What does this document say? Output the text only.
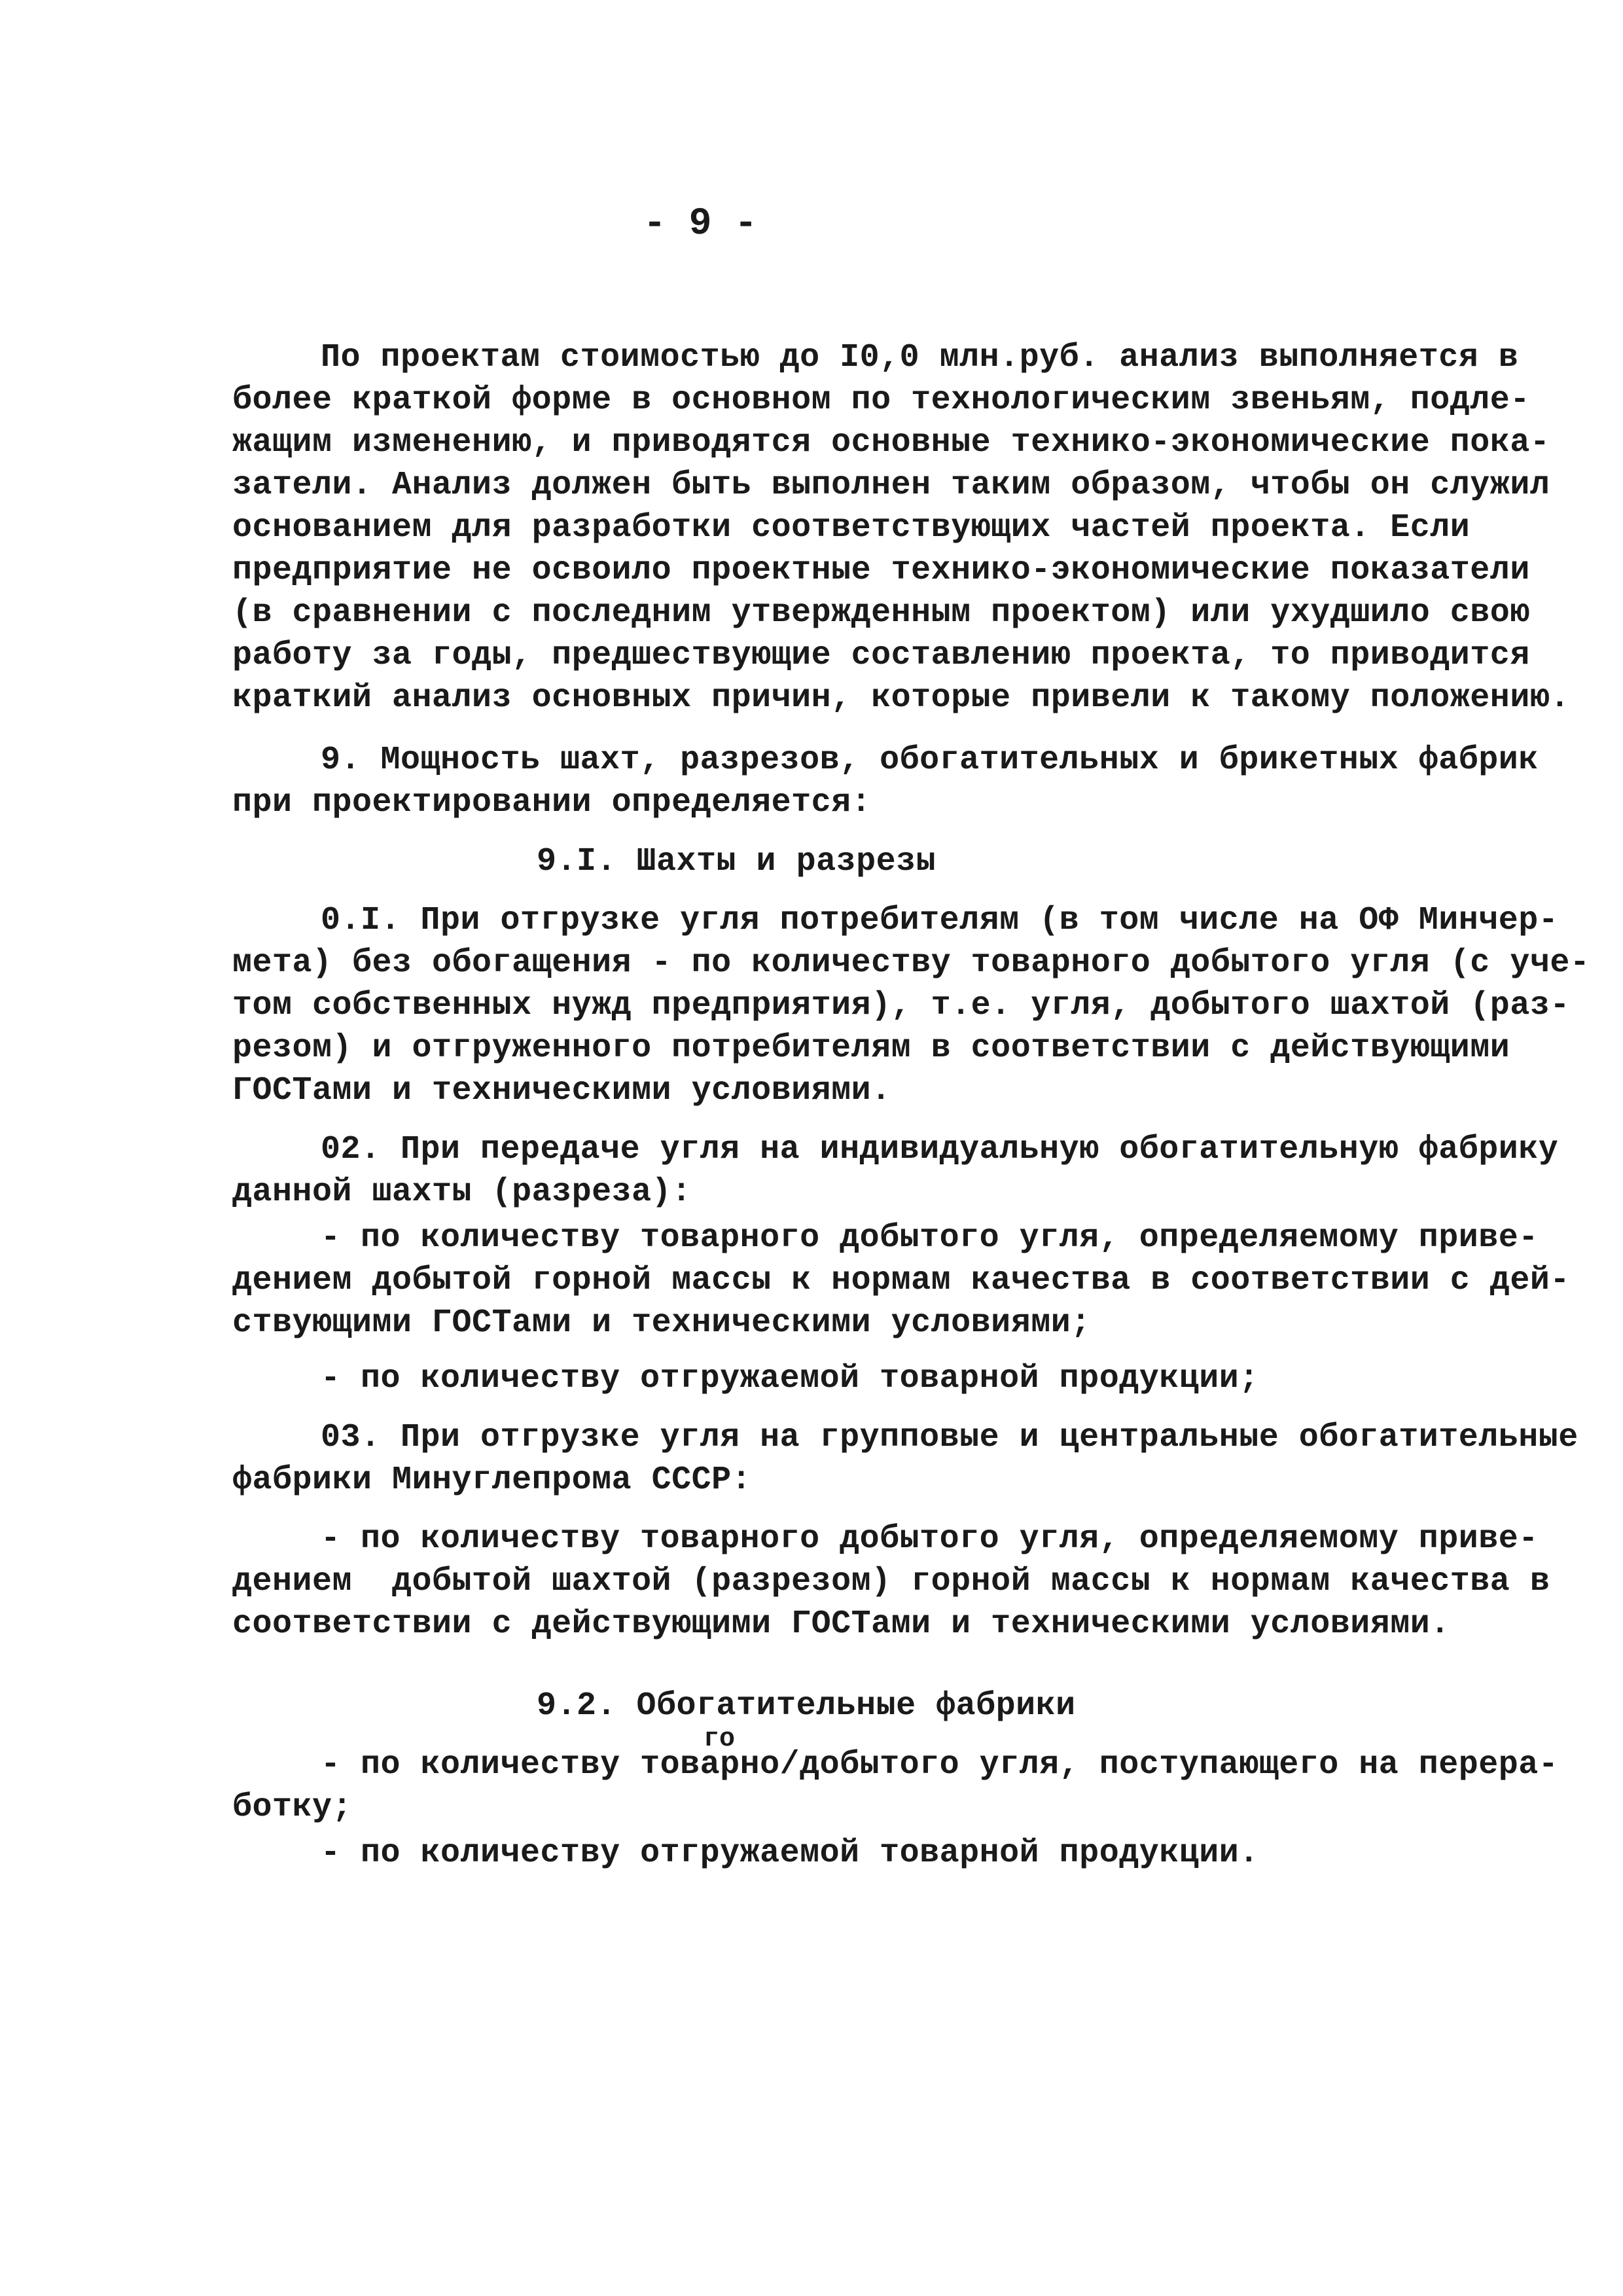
- 9 -
По проектам стоимостью до I0,0 млн.руб. анализ выполняется в
более краткой форме в основном по технологическим звеньям, подле-
жащим изменению, и приводятся основные технико-экономические пока-
затели. Анализ должен быть выполнен таким образом, чтобы он служил
основанием для разработки соответствующих частей проекта. Если
предприятие не освоило проектные технико-экономические показатели
(в сравнении с последним утвержденным проектом) или ухудшило свою
работу за годы, предшествующие составлению проекта, то приводится
краткий анализ основных причин, которые привели к такому положению.
9. Мощность шахт, разрезов, обогатительных и брикетных фабрик
при проектировании определяется:
9.I. Шахты и разрезы
0.I. При отгрузке угля потребителям (в том числе на ОФ Минчер-
мета) без обогащения - по количеству товарного добытого угля (с уче-
том собственных нужд предприятия), т.е. угля, добытого шахтой (раз-
резом) и отгруженного потребителям в соответствии с действующими
ГОСТами и техническими условиями.
02. При передаче угля на индивидуальную обогатительную фабрику
данной шахты (разреза):
- по количеству товарного добытого угля, определяемому приве-
дением добытой горной массы к нормам качества в соответствии с дей-
ствующими ГОСТами и техническими условиями;
- по количеству отгружаемой товарной продукции;
03. При отгрузке угля на групповые и центральные обогатительные
фабрики Минуглепрома СССР:
- по количеству товарного добытого угля, определяемому приве-
дением  добытой шахтой (разрезом) горной массы к нормам качества в
соответствии с действующими ГОСТами и техническими условиями.
9.2. Обогатительные фабрики
го
- по количеству товарно/добытого угля, поступающего на перера-
ботку;
- по количеству отгружаемой товарной продукции.
